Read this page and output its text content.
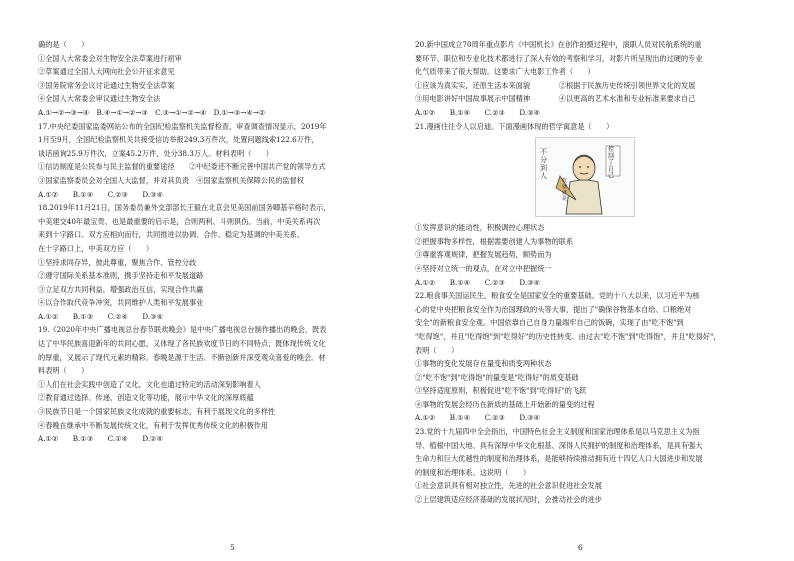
确的是（　　）
①全国人大常委会对生物安全法草案进行初审
②草案通过全国人大网向社会公开征求意见
③国务院常务会议讨论通过生物安全法草案
④全国人大常委会审议通过生物安全法
A.①→②→③→④　B.④→①→②→③　C.③→①→②→④　D.①→③→④→②
17.中央纪委国家监委网站公布的全国纪检监察机关监督检查、审查调查情况显示，2019年
1月至9月，全国纪检监察机关共接受信访举报249.3万件次，处置问题线索122.6万件，
谈话函询25.9万件次，立案45.2万件，处分38.3万人。材料表明（　　）
①信访制度是公民参与民主监督的重要途径　　②中纪委还不断完善中国共产党的领导方式
③国家监察委员会对全国人大监督，并对其负责　④国家监察机关保障公民的监督权
A.①②　　B.①④　　C.②③　　D.③④
18.2019年11月21日，国务委员兼外交部部长王毅在北京会见美国前国务卿基辛格时表示，
中美建交40年最宝贵、也是最重要的启示是，合则两利、斗则俱伤。当前，中美关系再次
来到十字路口。双方应相向而行，共同推进以协调、合作、稳定为基调的中美关系。
在十字路口上，中美双方应（　　）
①坚持求同存异，彼此尊重，聚焦合作、管控分歧
②遵守国际关系基本准则，携手坚持走和平发展道路
③立足双方共同利益，增强政治互信，实现合作共赢
④以合作取代竞争冲突，共同维护人类和平发展事业
A.①②　　B.①③　　C.②④　　D.③④
19.《2020年中央广播电视总台春节联欢晚会》是中央广播电视总台制作播出的晚会，既表
达了中华民族喜迎新年的共同心愿，又体现了各民族欢度节日的不同特点；既体现传统文化
的厚重，又展示了现代元素的精彩。春晚是源于生活、不断创新并深受观众喜爱的晚会。材
料表明（　　）
①人们在社会实践中创造了文化，文化也通过特定的活动深刻影响着人
②教育通过选择、传递、创造文化等功能，展示中华文化的深厚底蕴
③民族节日是一个国家民族文化成就的重要标志，有利于展现文化的多样性
④春晚在继承中不断发展传统文化，有利于发挥优秀传统文化的积极作用
A.①②　　B.①③　　C.①④　　D.②④
5
20.新中国成立70周年重点影片《中国机长》在创作拍摄过程中，演职人员对民航系统的重
要环节、职位和专业化技术都进行了深入有效的考察和学习，对影片所呈现出的过硬的专业
化气质带来了很大帮助。这要求广大电影工作者（　　）
①应该为真实实，还原生活本来面貌　　　　②根据于民族历史传统引领世界文化的发展
③用电影讲好中国故事展示中国精神　　　　④以更高的艺术水准和专业标准来要求自己
A.①②　　B.①④　　C.②③　　D.③④
21.漫画往往令人以启迪。下面漫画体现的哲学寓意是（　　）
不分到人
吹就就是
控制了自己
①发挥意识的能动性，积极调控心理状态
②把握事物多样性，根据需要创建人为事物的联系
③尊重客观规律，把握发展趋势，顺势而为
④坚持对立统一的观点，在对立中把握统一
A.①②　　B.①④　　C.②③　　D.③④
22.粮食事关国运民生，粮食安全是国家安全的重要基础。党的十八大以来，以习近平为核
心的党中央把粮食安全作为治国理政的头等大事，提出了"确保谷物基本自给、口粮绝对
安全"的新粮食安全观。中国依靠自己自身力量端牢自己的饭碗，实现了由"吃不饱"到
"吃得饱"，并且"吃得饱"到"吃得好"的历史性转变。由过去"吃不饱"到"吃得饱"，并且"吃得好"，
表明（　　）
①事物的变化发展存在量变和质变两种状态
②"吃不饱"到"吃得饱"的量变是"吃得好"的质变基础
③坚持适度原则，积极促进"吃不饱"到"吃得好"的飞跃
④事物的发展会经历在新质的基础上开始新的量变的过程
A.①②　　B.①④　　C.②③　　D.③④
23.党的十九届四中全会指出，中国特色社会主义制度和国家治理体系是以马克思主义为指
导、植根中国大地、具有深厚中华文化根基、深得人民拥护的制度和治理体系，是具有强大
生命力和巨大优越性的制度和治理体系，是能够持续推动拥有近十四亿人口大国进步和发展
的制度和治理体系。这说明（　　）
①社会意识具有相对独立性，先进的社会意识促进社会发展
②上层建筑适应经济基础的发展状况时，会推动社会的进步
6
